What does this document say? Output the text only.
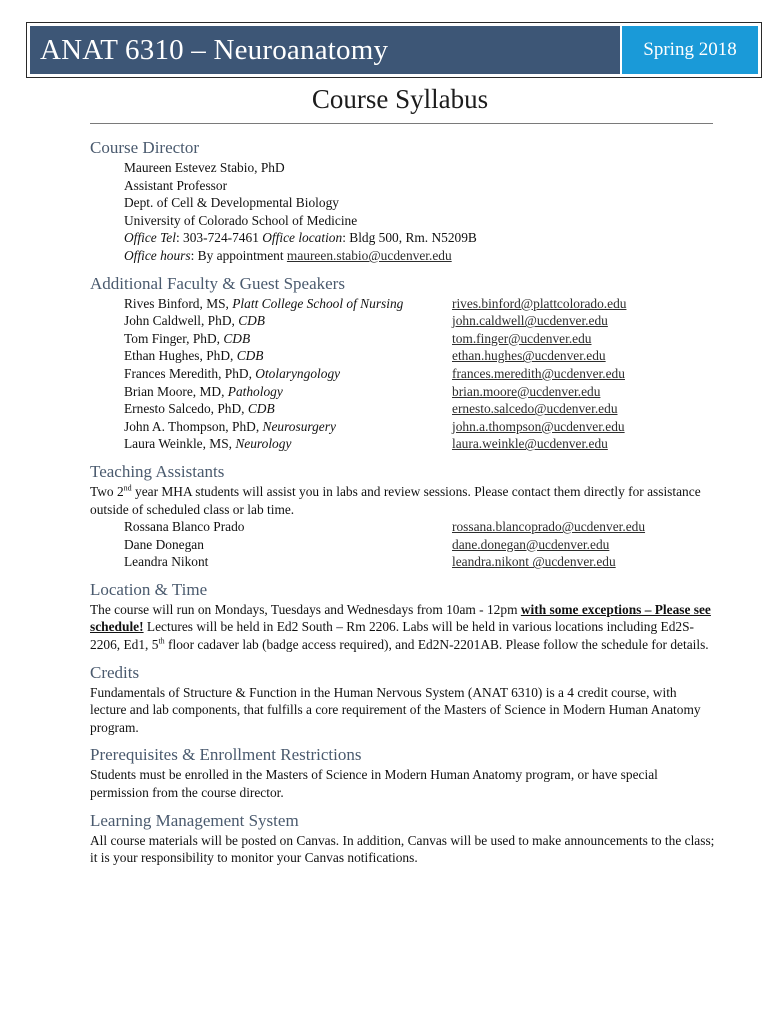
ANAT 6310 – Neuroanatomy	Spring 2018
Course Syllabus
Course Director
Maureen Estevez Stabio, PhD
Assistant Professor
Dept. of Cell & Developmental Biology
University of Colorado School of Medicine
Office Tel: 303-724-7461 Office location: Bldg 500, Rm. N5209B
Office hours: By appointment maureen.stabio@ucdenver.edu
Additional Faculty & Guest Speakers
Rives Binford, MS, Platt College School of Nursing	rives.binford@plattcolorado.edu
John Caldwell, PhD, CDB	john.caldwell@ucdenver.edu
Tom Finger, PhD, CDB	tom.finger@ucdenver.edu
Ethan Hughes, PhD, CDB	ethan.hughes@ucdenver.edu
Frances Meredith, PhD, Otolaryngology	frances.meredith@ucdenver.edu
Brian Moore, MD, Pathology	brian.moore@ucdenver.edu
Ernesto Salcedo, PhD, CDB	ernesto.salcedo@ucdenver.edu
John A. Thompson, PhD, Neurosurgery	john.a.thompson@ucdenver.edu
Laura Weinkle, MS, Neurology	laura.weinkle@ucdenver.edu
Teaching Assistants

Two 2nd year MHA students will assist you in labs and review sessions. Please contact them directly for assistance outside of scheduled class or lab time.

Rossana Blanco Prado	rossana.blancoprado@ucdenver.edu
Dane Donegan	dane.donegan@ucdenver.edu
Leandra Nikont	leandra.nikont @ucdenver.edu
Location & Time

The course will run on Mondays, Tuesdays and Wednesdays from 10am - 12pm with some exceptions – Please see schedule! Lectures will be held in Ed2 South – Rm 2206. Labs will be held in various locations including Ed2S-2206, Ed1, 5th floor cadaver lab (badge access required), and Ed2N-2201AB. Please follow the schedule for details.

Credits

Fundamentals of Structure & Function in the Human Nervous System (ANAT 6310) is a 4 credit course, with lecture and lab components, that fulfills a core requirement of the Masters of Science in Modern Human Anatomy program.

Prerequisites & Enrollment Restrictions

Students must be enrolled in the Masters of Science in Modern Human Anatomy program, or have special permission from the course director.

Learning Management System

All course materials will be posted on Canvas. In addition, Canvas will be used to make announcements to the class; it is your responsibility to monitor your Canvas notifications.
